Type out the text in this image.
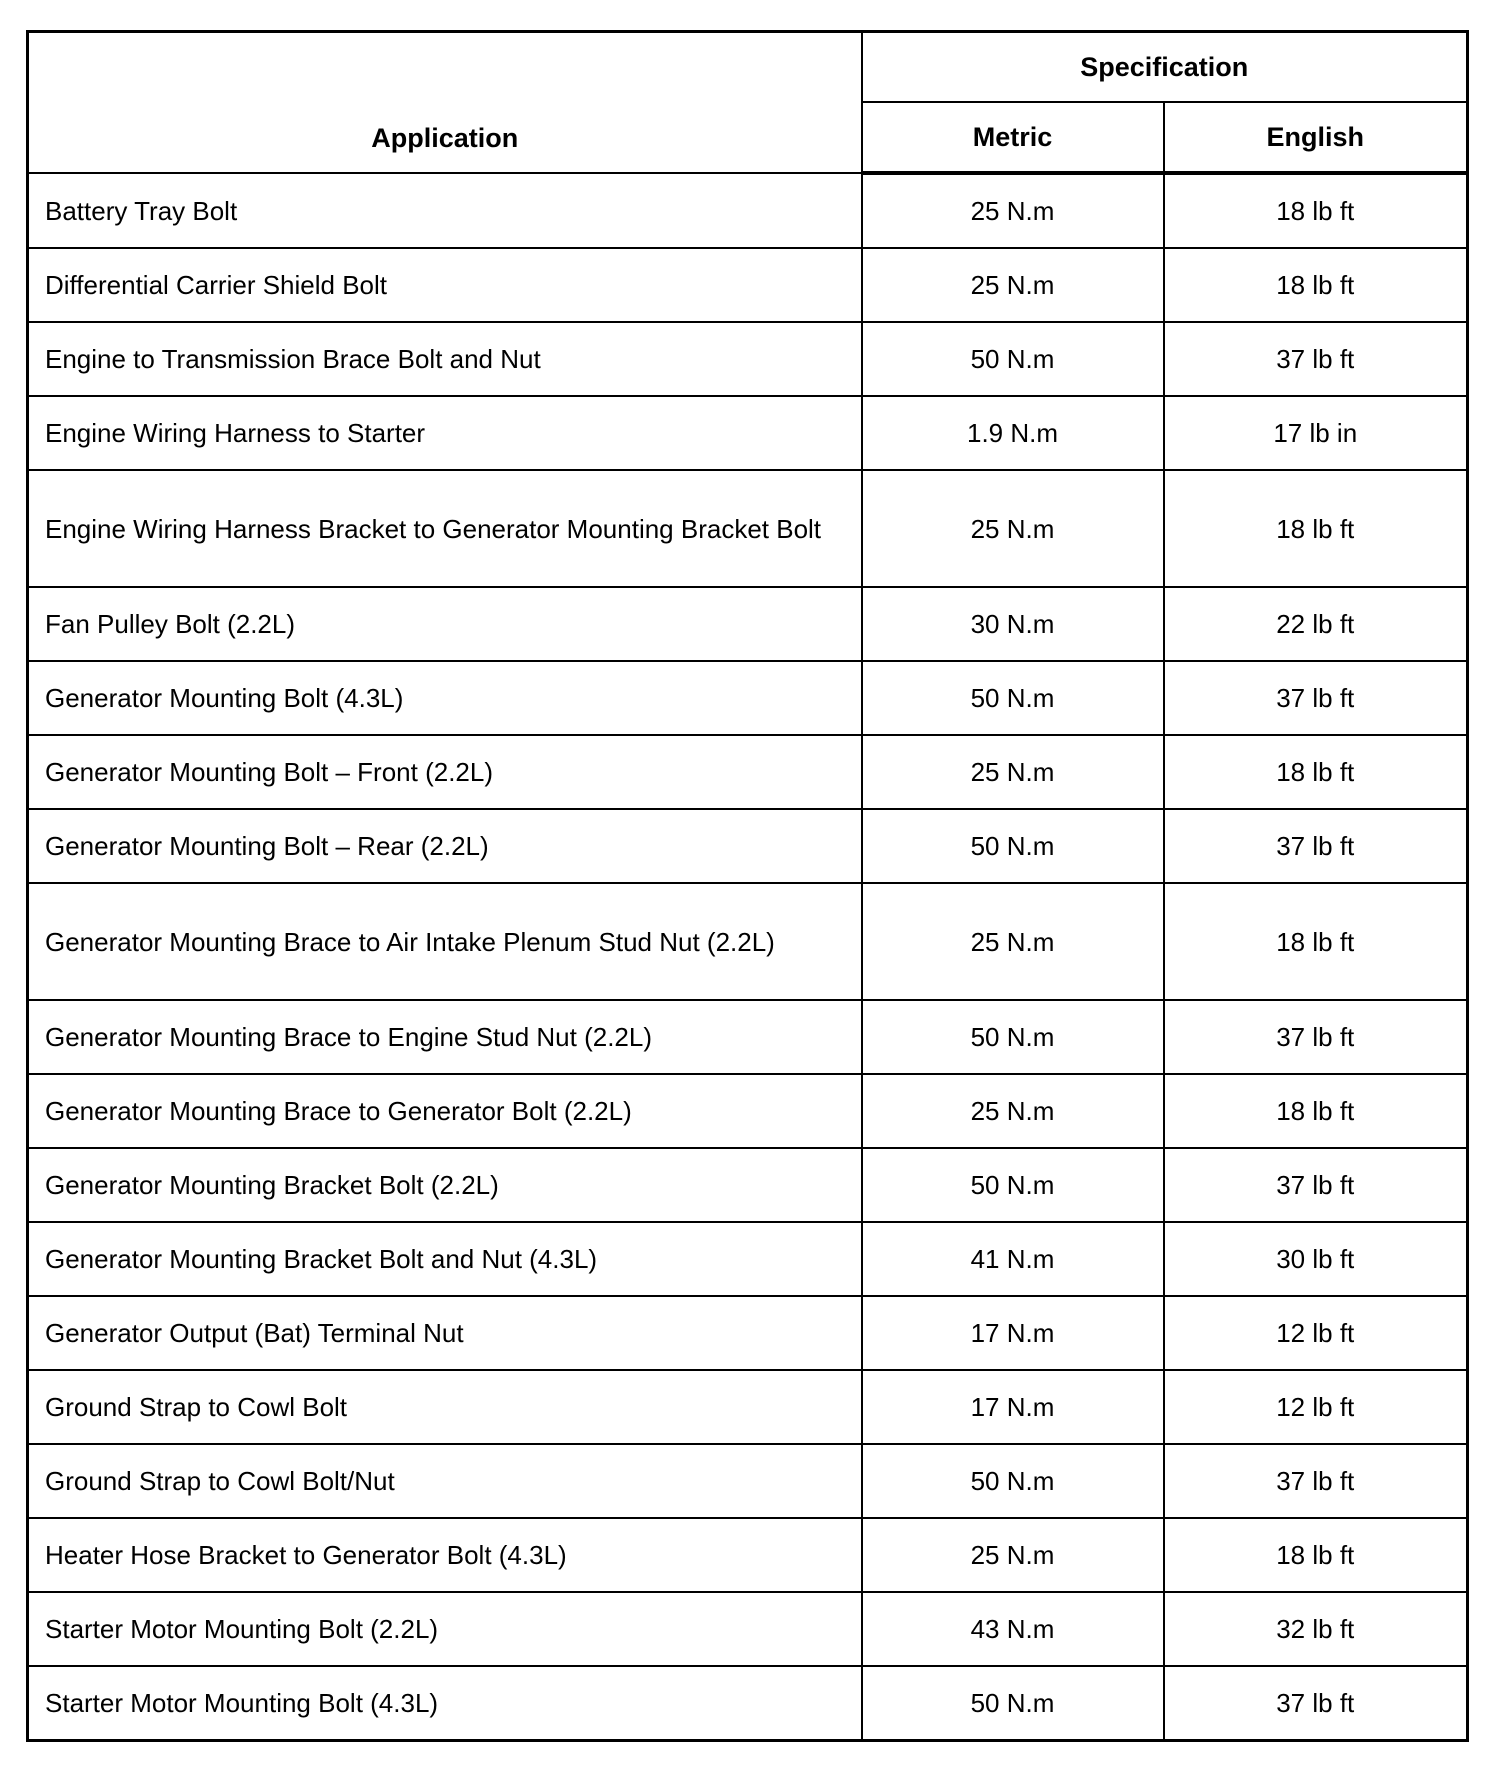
Application	Specification	
	Metric	English
Battery Tray Bolt	25 N.m	18 lb ft
Differential Carrier Shield Bolt	25 N.m	18 lb ft
Engine to Transmission Brace Bolt and Nut	50 N.m	37 lb ft
Engine Wiring Harness to Starter	1.9 N.m	17 lb in
Engine Wiring Harness Bracket to Generator Mounting Bracket Bolt	25 N.m	18 lb ft
Fan Pulley Bolt (2.2L)	30 N.m	22 lb ft
Generator Mounting Bolt (4.3L)	50 N.m	37 lb ft
Generator Mounting Bolt – Front (2.2L)	25 N.m	18 lb ft
Generator Mounting Bolt – Rear (2.2L)	50 N.m	37 lb ft
Generator Mounting Brace to Air Intake Plenum Stud Nut (2.2L)	25 N.m	18 lb ft
Generator Mounting Brace to Engine Stud Nut (2.2L)	50 N.m	37 lb ft
Generator Mounting Brace to Generator Bolt (2.2L)	25 N.m	18 lb ft
Generator Mounting Bracket Bolt (2.2L)	50 N.m	37 lb ft
Generator Mounting Bracket Bolt and Nut (4.3L)	41 N.m	30 lb ft
Generator Output (Bat) Terminal Nut	17 N.m	12 lb ft
Ground Strap to Cowl Bolt	17 N.m	12 lb ft
Ground Strap to Cowl Bolt/Nut	50 N.m	37 lb ft
Heater Hose Bracket to Generator Bolt (4.3L)	25 N.m	18 lb ft
Starter Motor Mounting Bolt (2.2L)	43 N.m	32 lb ft
Starter Motor Mounting Bolt (4.3L)	50 N.m	37 lb ft
